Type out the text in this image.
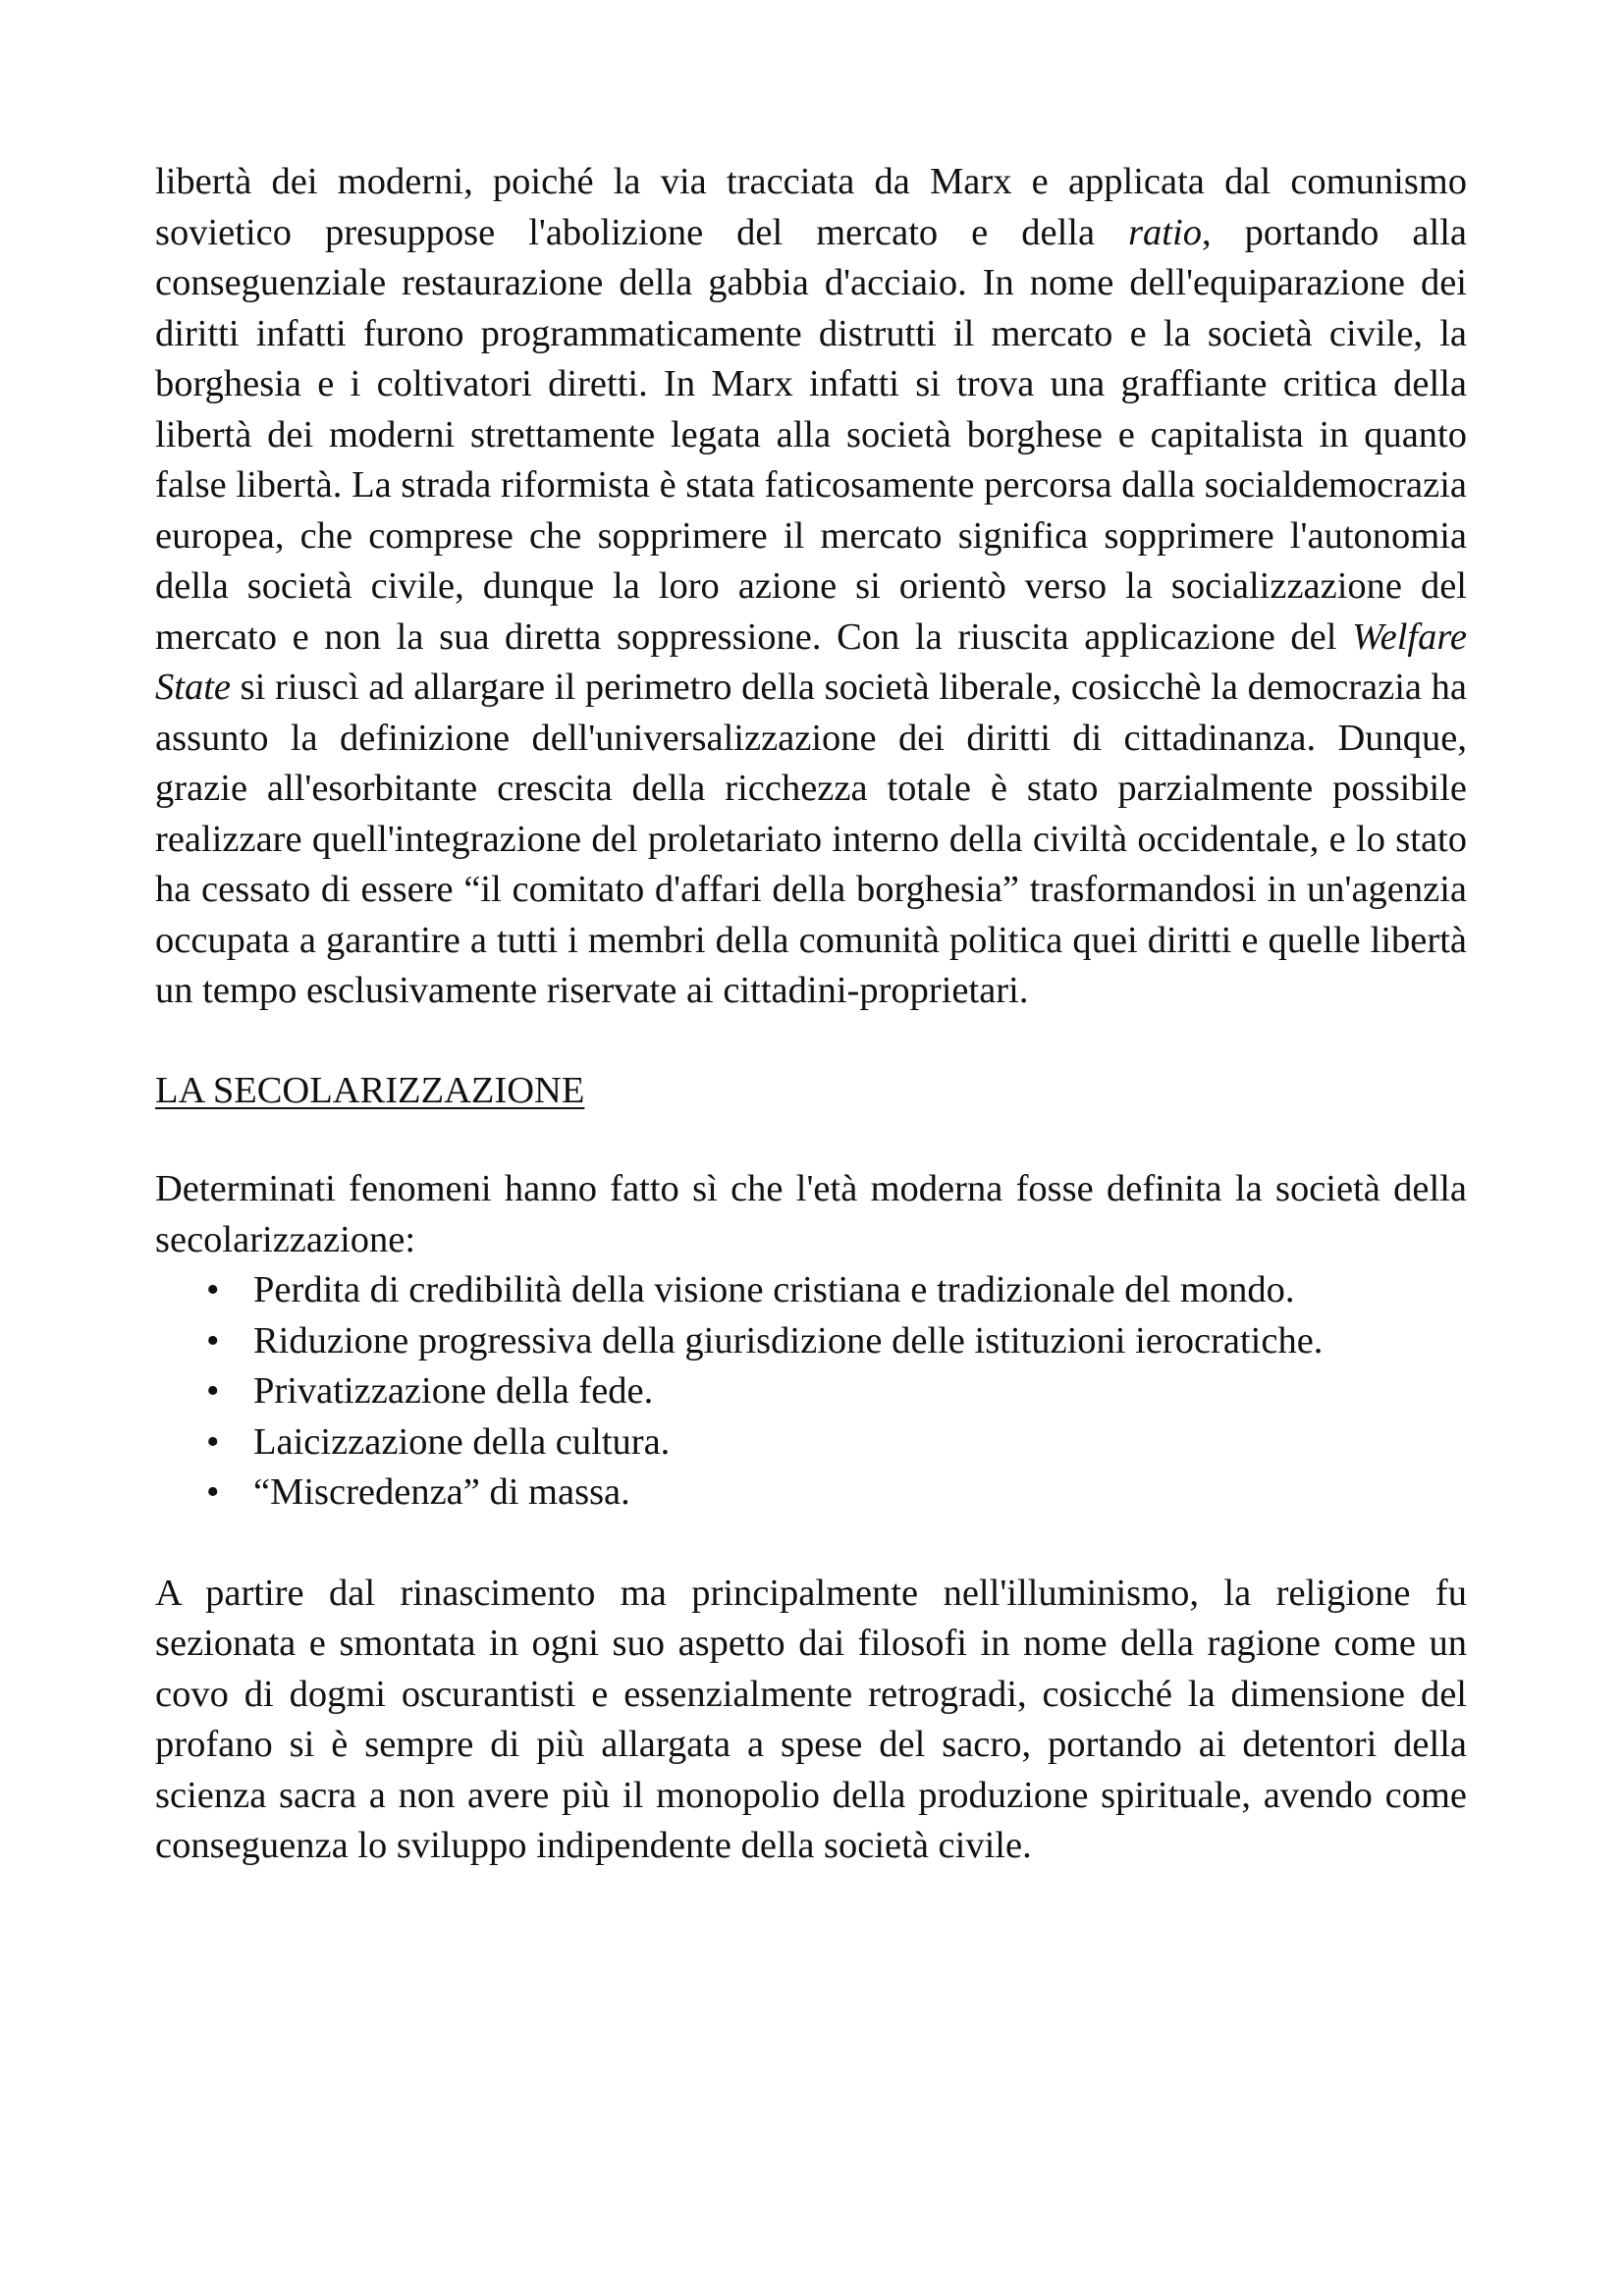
libertà dei moderni, poiché la via tracciata da Marx e applicata dal comunismo sovietico presuppose l'abolizione del mercato e della ratio, portando alla conseguenziale restaurazione della gabbia d'acciaio. In nome dell'equiparazione dei diritti infatti furono programmaticamente distrutti il mercato e la società civile, la borghesia e i coltivatori diretti. In Marx infatti si trova una graffiante critica della libertà dei moderni strettamente legata alla società borghese e capitalista in quanto false libertà. La strada riformista è stata faticosamente percorsa dalla socialdemocrazia europea, che comprese che sopprimere il mercato significa sopprimere l'autonomia della società civile, dunque la loro azione si orientò verso la socializzazione del mercato e non la sua diretta soppressione. Con la riuscita applicazione del Welfare State si riuscì ad allargare il perimetro della società liberale, cosicchè la democrazia ha assunto la definizione dell'universalizzazione dei diritti di cittadinanza. Dunque, grazie all'esorbitante crescita della ricchezza totale è stato parzialmente possibile realizzare quell'integrazione del proletariato interno della civiltà occidentale, e lo stato ha cessato di essere “il comitato d'affari della borghesia” trasformandosi in un'agenzia occupata a garantire a tutti i membri della comunità politica quei diritti e quelle libertà un tempo esclusivamente riservate ai cittadini-proprietari.

LA SECOLARIZZAZIONE

Determinati fenomeni hanno fatto sì che l'età moderna fosse definita la società della secolarizzazione:

• Perdita di credibilità della visione cristiana e tradizionale del mondo.
• Riduzione progressiva della giurisdizione delle istituzioni ierocratiche.
• Privatizzazione della fede.
• Laicizzazione della cultura.
• “Miscredenza” di massa.

A partire dal rinascimento ma principalmente nell'illuminismo, la religione fu sezionata e smontata in ogni suo aspetto dai filosofi in nome della ragione come un covo di dogmi oscurantisti e essenzialmente retrogradi, cosicché la dimensione del profano si è sempre di più allargata a spese del sacro, portando ai detentori della scienza sacra a non avere più il monopolio della produzione spirituale, avendo come conseguenza lo sviluppo indipendente della società civile.
